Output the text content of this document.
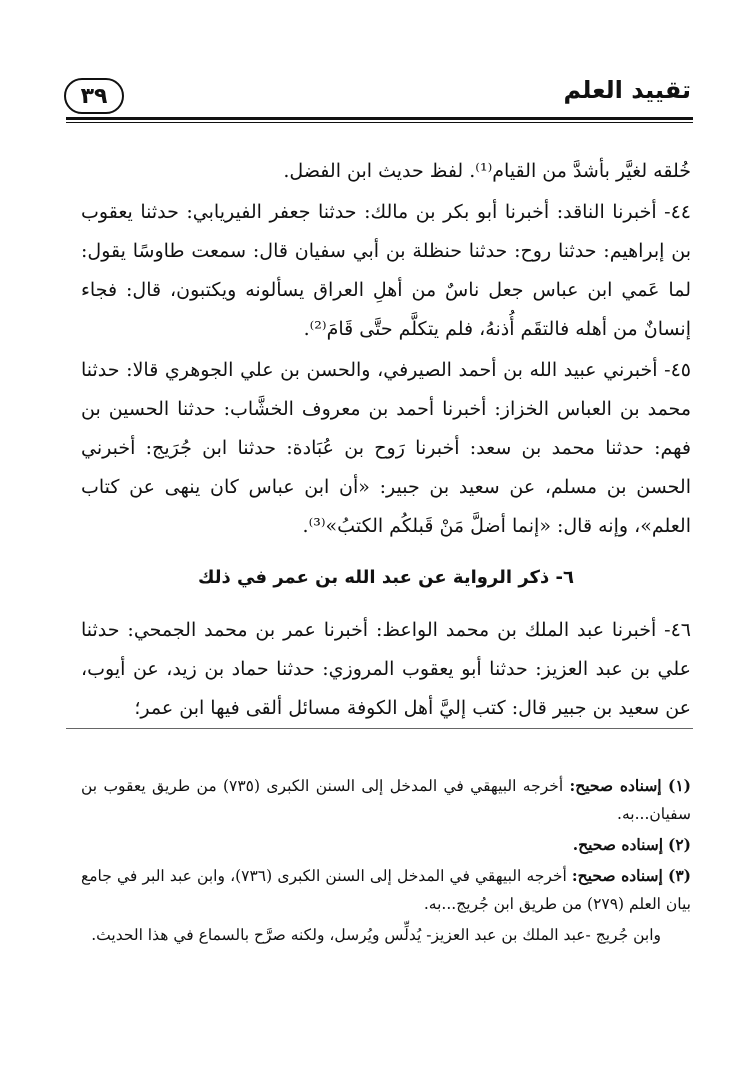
تقييد العلم
٣٩

خُلقه لغيَّر بأشدَّ من القيام⁽¹⁾. لفظ حديث ابن الفضل.

٤٤- أخبرنا الناقد: أخبرنا أبو بكر بن مالك: حدثنا جعفر الفيريابي: حدثنا يعقوب بن إبراهيم: حدثنا روح: حدثنا حنظلة بن أبي سفيان قال: سمعت طاوسًا يقول: لما عَمي ابن عباس جعل ناسٌ من أهلِ العراق يسألونه ويكتبون، قال: فجاء إنسانٌ من أهله فالتقَم أُذنهُ، فلم يتكلَّم حتَّى قَامَ⁽²⁾.

٤٥- أخبرني عبيد الله بن أحمد الصيرفي، والحسن بن علي الجوهري قالا: حدثنا محمد بن العباس الخزاز: أخبرنا أحمد بن معروف الخشَّاب: حدثنا الحسين بن فهم: حدثنا محمد بن سعد: أخبرنا رَوح بن عُبَادة: حدثنا ابن جُرَيج: أخبرني الحسن بن مسلم، عن سعيد بن جبير: «أن ابن عباس كان ينهى عن كتاب العلم»، وإنه قال: «إنما أضلَّ مَنْ قَبلكُم الكتبُ»⁽³⁾.

٦- ذكر الرواية عن عبد الله بن عمر في ذلك

٤٦- أخبرنا عبد الملك بن محمد الواعظ: أخبرنا عمر بن محمد الجمحي: حدثنا علي بن عبد العزيز: حدثنا أبو يعقوب المروزي: حدثنا حماد بن زيد، عن أيوب، عن سعيد بن جبير قال: كتب إليَّ أهل الكوفة مسائل ألقى فيها ابن عمر؛

(١) إسناده صحيح: أخرجه البيهقي في المدخل إلى السنن الكبرى (٧٣٥) من طريق يعقوب بن سفيان...به.

(٢) إسناده صحيح.

(٣) إسناده صحيح: أخرجه البيهقي في المدخل إلى السنن الكبرى (٧٣٦)، وابن عبد البر في جامع بيان العلم (٢٧٩) من طريق ابن جُريج...به.

وابن جُريج -عبد الملك بن عبد العزيز- يُدلِّس ويُرسل، ولكنه صرَّح بالسماع في هذا الحديث.
